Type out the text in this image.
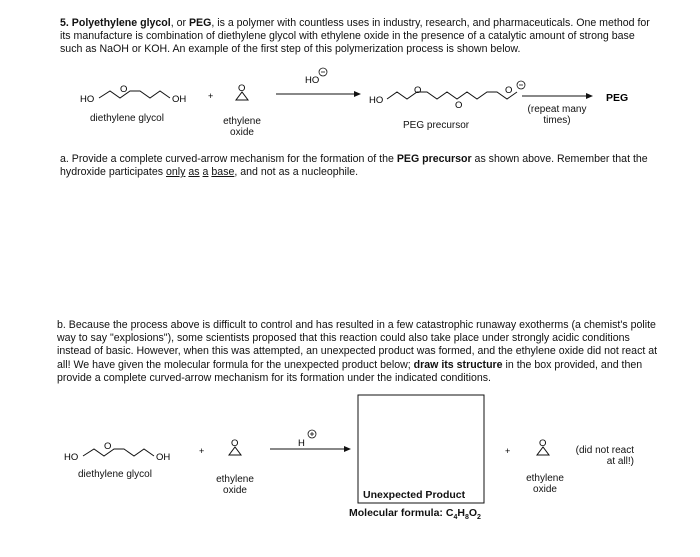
5. Polyethylene glycol, or PEG, is a polymer with countless uses in industry, research, and pharmaceuticals. One method for its manufacture is combination of diethylene glycol with ethylene oxide in the presence of a catalytic amount of strong base such as NaOH or KOH. An example of the first step of this polymerization process is shown below.
HO
O
OH
O
+
HO
HO
O
O
O
PEG
diethylene glycol	ethylene
oxide
PEG precursor
(repeat many
times)
a. Provide a complete curved-arrow mechanism for the formation of the PEG precursor as shown above. Remember that the hydroxide participates only as a base, and not as a nucleophile.
b. Because the process above is difficult to control and has resulted in a few catastrophic runaway exotherms (a chemist's polite way to say "explosions"), some scientists proposed that this reaction could also take place under strongly acidic conditions instead of basic. However, when this was attempted, an unexpected product was formed, and the ethylene oxide did not react at all! We have given the molecular formula for the unexpected product below; draw its structure in the box provided, and then provide a complete curved-arrow mechanism for its formation under the indicated conditions.
HO
O
OH
O
+
H
+
O
diethylene glycol	ethylene
oxide
ethylene
oxide
(did not react
at all!)
Unexpected Product
Molecular formula: $C_4H_8O_2$
